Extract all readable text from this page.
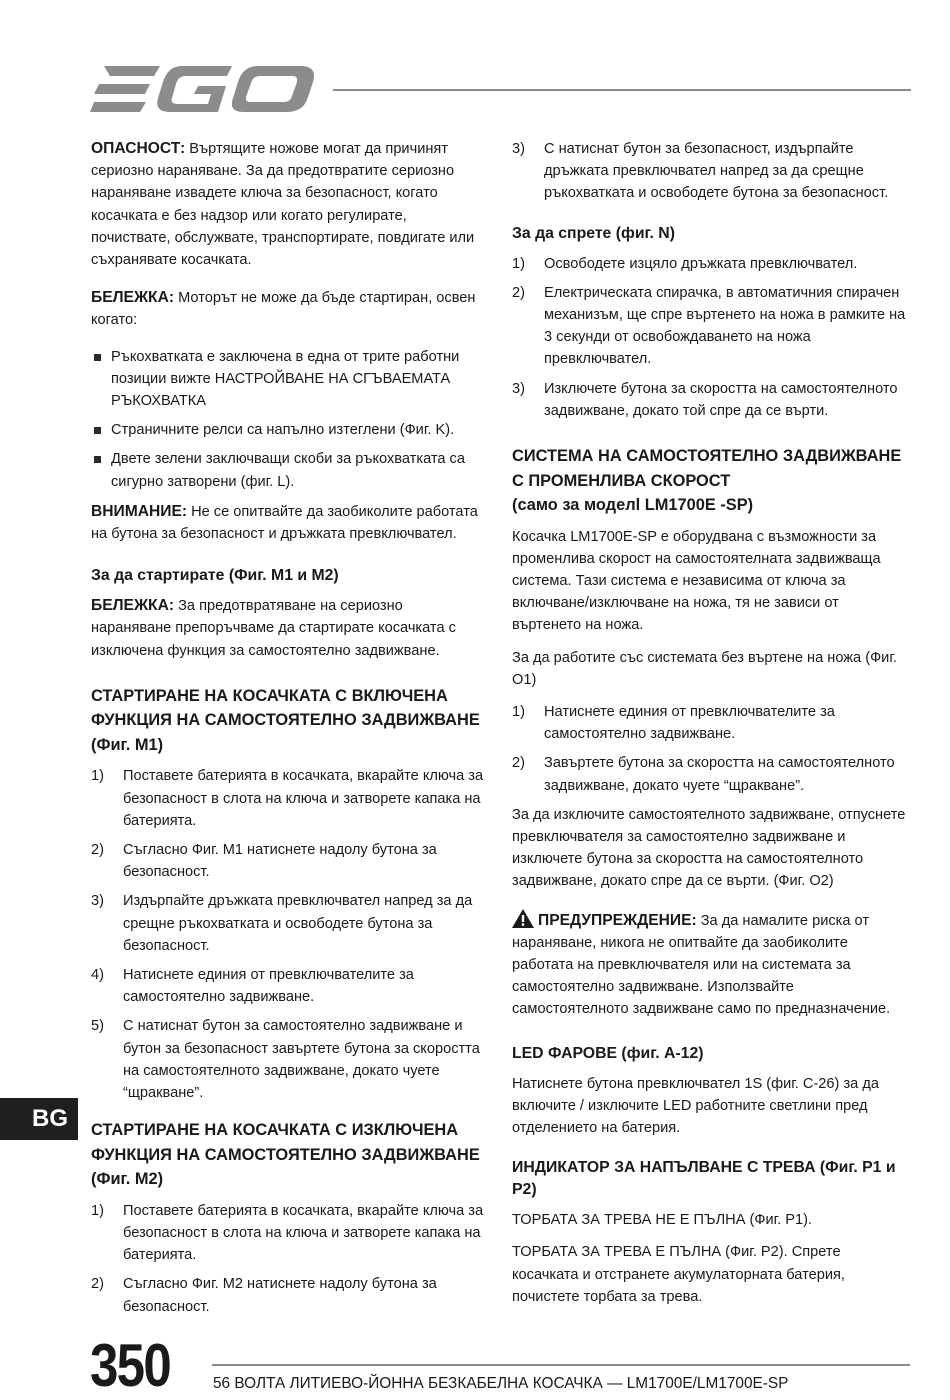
ОПАСНОСТ: Въртящите ножове могат да причинят сериозно нараняване. За да предотвратите сериозно нараняване извадете ключа за безопасност, когато косачката е без надзор или когато регулирате, почиствате, обслужвате, транспортирате, повдигате или съхранявате косачката.

БЕЛЕЖКА: Моторът не може да бъде стартиран, освен когато:

Ръкохватката е заключена в една от трите работни позиции вижте НАСТРОЙВАНЕ НА СГЪВАЕМАТА РЪКОХВАТКА
Страничните релси са напълно изтеглени (Фиг. K).
Двете зелени заключващи скоби за ръкохватката са сигурно затворени (фиг. L).

ВНИМАНИЕ: Не се опитвайте да заобиколите работата на бутона за безопасност и дръжката превключвател.

За да стартирате (Фиг. M1 и M2)

БЕЛЕЖКА: За предотвратяване на сериозно нараняване препоръчваме да стартирате косачката с изключена функция за самостоятелно задвижване.

СТАРТИРАНЕ НА КОСАЧКАТА С ВКЛЮЧЕНА ФУНКЦИЯ НА САМОСТОЯТЕЛНО ЗАДВИЖВАНЕ (Фиг. M1)
1) Поставете батерията в косачката, вкарайте ключа за безопасност в слота на ключа и затворете капака на батерията.
2) Съгласно Фиг. M1 натиснете надолу бутона за безопасност.
3) Издърпайте дръжката превключвател напред за да срещне ръкохватката и освободете бутона за безопасност.
4) Натиснете единия от превключвателите за самостоятелно задвижване.
5) С натиснат бутон за самостоятелно задвижване и бутон за безопасност завъртете бутона за скоростта на самостоятелното задвижване, докато чуете “щракване”.
СТАРТИРАНЕ НА КОСАЧКАТА С ИЗКЛЮЧЕНА ФУНКЦИЯ НА САМОСТОЯТЕЛНО ЗАДВИЖВАНЕ (Фиг. M2)
1) Поставете батерията в косачката, вкарайте ключа за безопасност в слота на ключа и затворете капака на батерията.
2) Съгласно Фиг. M2 натиснете надолу бутона за безопасност.
3) С натиснат бутон за безопасност, издърпайте дръжката превключвател напред за да срещне ръкохватката и освободете бутона за безопасност.
За да спрете (фиг. N)
1) Освободете изцяло дръжката превключвател.
2) Електрическата спирачка, в автоматичния спирачен механизъм, ще спре въртенето на ножа в рамките на 3 секунди от освобождаването на ножа превключвател.
3) Изключете бутона за скоростта на самостоятелното задвижване, докато той спре да се върти.
СИСТЕМА НА САМОСТОЯТЕЛНО ЗАДВИЖВАНЕ С ПРОМЕНЛИВА СКОРОСТ
(само за моделl LM1700E -SP)

Косачка LM1700E-SP е оборудвана с възможности за променлива скорост на самостоятелната задвижваща система. Тази система е независима от ключа за включване/изключване на ножа, тя не зависи от въртенето на ножа.

За да работите със системата без въртене на ножа (Фиг. O1)

1) Натиснете единия от превключвателите за самостоятелно задвижване.
2) Завъртете бутона за скоростта на самостоятелното задвижване, докато чуете “щракване”.

За да изключите самостоятелното задвижване, отпуснете превключвателя за самостоятелно задвижване и изключете бутона за скоростта на самостоятелното задвижване, докато спре да се върти. (Фиг. O2)

ПРЕДУПРЕЖДЕНИЕ: За да намалите риска от нараняване, никога не опитвайте да заобиколите работата на превключвателя или на системата за самостоятелно задвижване. Използвайте самостоятелното задвижване само по предназначение.

LED ФАРОВЕ (фиг. A-12)

Натиснете бутона превключвател 1S (фиг. C-26) за да включите / изключите LED работните светлини пред отделението на батерия.

ИНДИКАТОР ЗА НАПЪЛВАНЕ С ТРЕВА (Фиг. P1 и P2)

ТОРБАТА ЗА ТРЕВА НЕ Е ПЪЛНА (Фиг. P1).

ТОРБАТА ЗА ТРЕВА Е ПЪЛНА (Фиг. P2). Спрете косачката и отстранете акумулаторната батерия, почистете торбата за трева.

BG
350	56 ВОЛТА ЛИТИЕВО-ЙОННА БЕЗКАБЕЛНА КОСАЧКА — LM1700E/LM1700E-SP
